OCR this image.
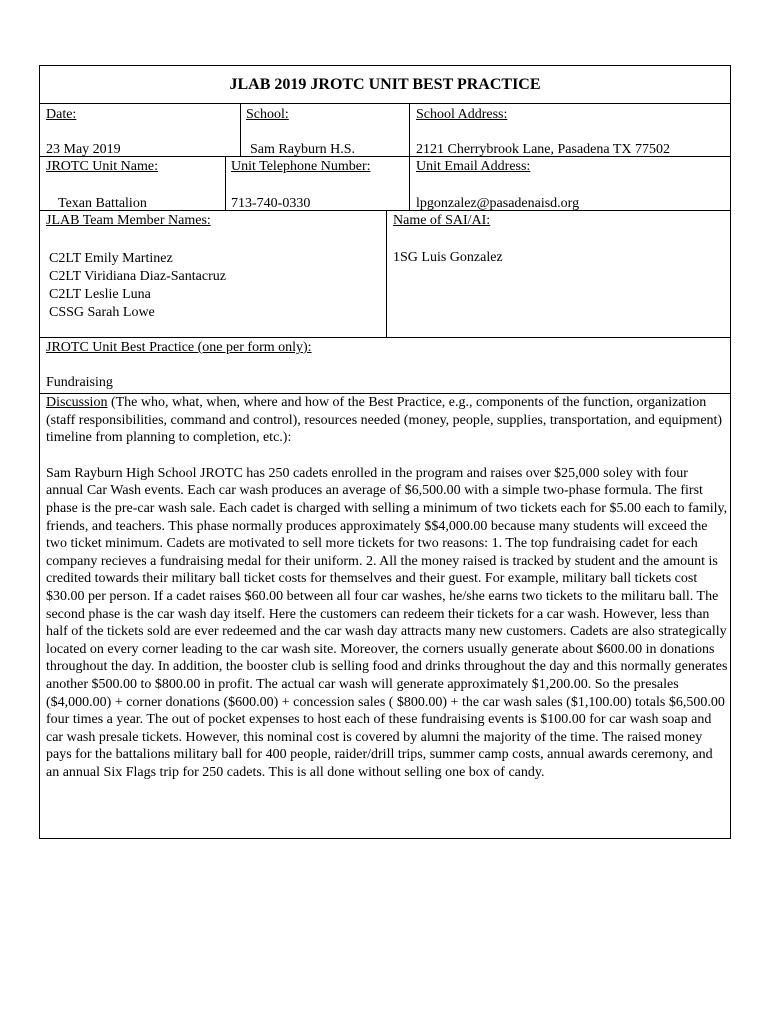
JLAB 2019 JROTC UNIT BEST PRACTICE
Date:
23 May 2019
School:
Sam Rayburn H.S.
School Address:
2121 Cherrybrook Lane, Pasadena TX 77502
JROTC Unit Name:
Texan Battalion
Unit Telephone Number:
713-740-0330
Unit Email Address:
lpgonzalez@pasadenaisd.org
JLAB Team Member Names:
C2LT Emily Martinez
C2LT Viridiana Diaz-Santacruz
C2LT Leslie Luna
CSSG Sarah Lowe
Name of SAI/AI:
1SG Luis Gonzalez
JROTC Unit Best Practice (one per form only):
Fundraising

Discussion (The who, what, when, where and how of the Best Practice, e.g., components of the function, organization (staff responsibilities, command and control), resources needed (money, people, supplies, transportation, and equipment) timeline from planning to completion, etc.):

Sam Rayburn High School JROTC has 250 cadets enrolled in the program and raises over $25,000 soley with four annual Car Wash events. Each car wash produces an average of $6,500.00 with a simple two-phase formula. The first phase is the pre-car wash sale. Each cadet is charged with selling a minimum of two tickets each for $5.00 each to family, friends, and teachers. This phase normally produces approximately $$4,000.00 because many students will exceed the two ticket minimum. Cadets are motivated to sell more tickets for two reasons: 1. The top fundraising cadet for each company recieves a fundraising medal for their uniform. 2. All the money raised is tracked by student and the amount is credited towards their military ball ticket costs for themselves and their guest. For example, military ball tickets cost $30.00 per person. If a cadet raises $60.00 between all four car washes, he/she earns two tickets to the militaru ball. The second phase is the car wash day itself. Here the customers can redeem their tickets for a car wash. However, less than half of the tickets sold are ever redeemed and the car wash day attracts many new customers. Cadets are also strategically located on every corner leading to the car wash site. Moreover, the corners usually generate about $600.00 in donations throughout the day. In addition, the booster club is selling food and drinks throughout the day and this normally generates another $500.00 to $800.00 in profit. The actual car wash will generate approximately $1,200.00. So the presales ($4,000.00) + corner donations ($600.00) + concession sales ( $800.00) + the car wash sales ($1,100.00) totals $6,500.00 four times a year. The out of pocket expenses to host each of these fundraising events is $100.00 for car wash soap and car wash presale tickets. However, this nominal cost is covered by alumni the majority of the time. The raised money pays for the battalions military ball for 400 people, raider/drill trips, summer camp costs, annual awards ceremony, and an annual Six Flags trip for 250 cadets. This is all done without selling one box of candy.
